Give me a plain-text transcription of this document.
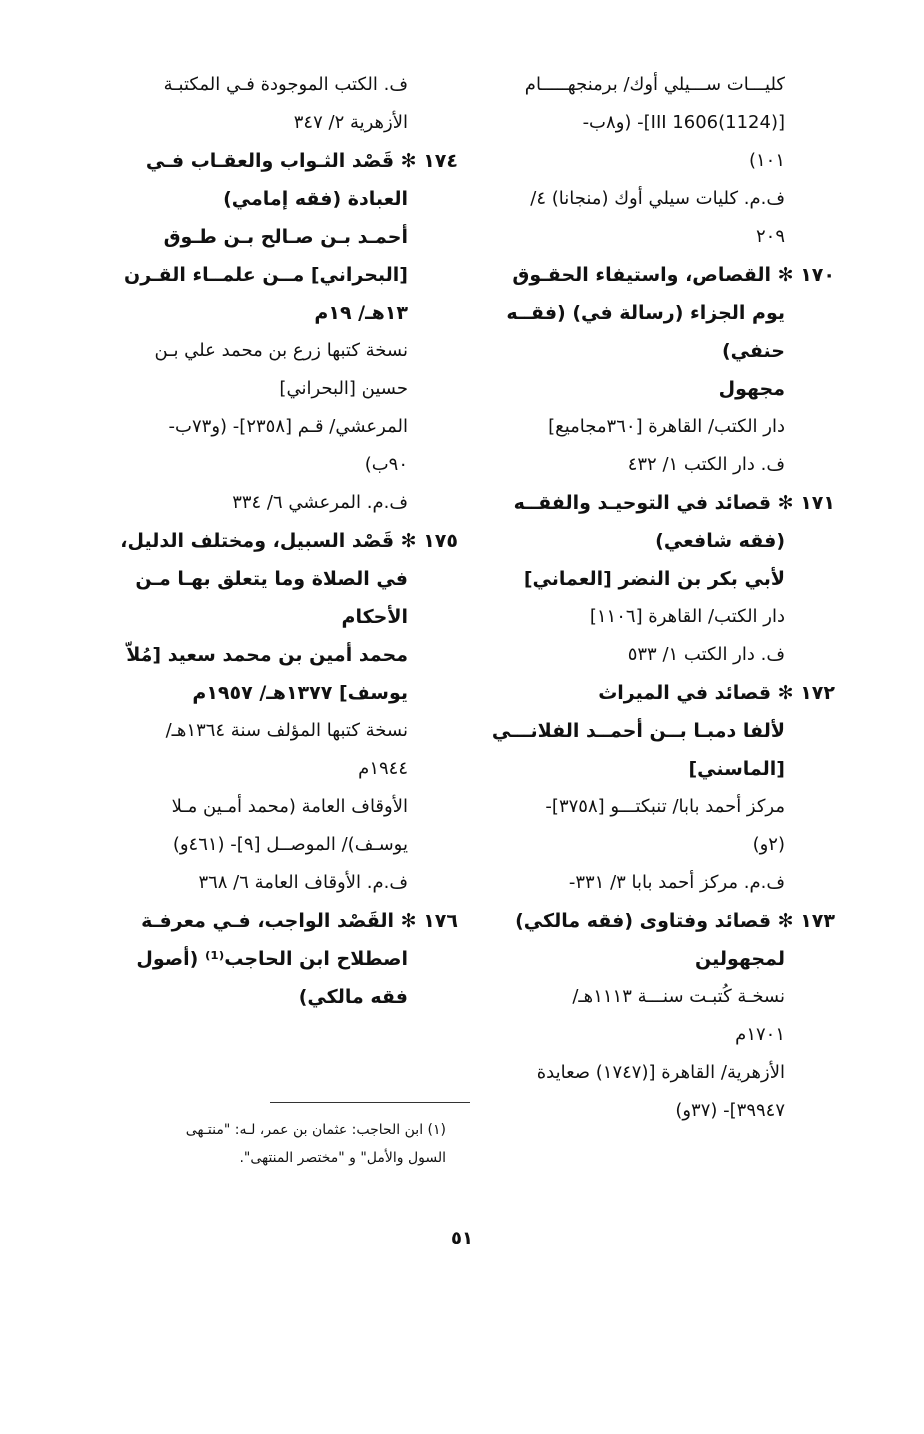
كليـــات ســـيلي أوك/ برمنجهـــــام
[III 1606(1124)]- (و٨ب-
١٠١)
ف.م. كليات سيلي أوك (منجانا) ٤/
٢٠٩
١٧٠ ✻ القصاص، واستيفاء الحقـوق
يوم الجزاء (رسالة في) (فقــه
حنفي)
مجهول
دار الكتب/ القاهرة [٣٦٠مجاميع]
ف. دار الكتب ١/ ٤٣٢
١٧١ ✻ قصائد في التوحيـد والفقــه
(فقه شافعي)
لأبي بكر بن النضر [العماني]
دار الكتب/ القاهرة [١١٠٦]
ف. دار الكتب ١/ ٥٣٣
١٧٢ ✻ قصائد في الميراث
لألفا دمبـا بــن أحمــد الفلانـــي
[الماسني]
مركز أحمد بابا/ تنبكتـــو [٣٧٥٨]-
(٢و)
ف.م. مركز أحمد بابا ٣/ ٣٣١-
١٧٣ ✻ قصائد وفتاوى (فقه مالكي)
لمجهولين
نسخـة كُتبـت سنـــة ١١١٣هـ/
١٧٠١م
الأزهرية/ القاهرة [(١٧٤٧) صعايدة
٣٩٩٤٧]- (٣٧و)
ف. الكتب الموجودة فـي المكتبـة
الأزهرية ٢/ ٣٤٧
١٧٤ ✻ قَصْد الثـواب والعقـاب فـي
العبادة (فقه إمامي)
أحمـد بـن صـالح بـن طـوق
[البحراني] مــن علمــاء القـرن
١٣هـ/ ١٩م
نسخة كتبها زرع بن محمد علي بـن
حسين [البحراني]
المرعشي/ قـم [٢٣٥٨]- (و٧٣ب-
٩٠ب)
ف.م. المرعشي ٦/ ٣٣٤
١٧٥ ✻ قَصْد السبيل، ومختلف الدليل،
في الصلاة وما يتعلق بهـا مـن
الأحكام
محمد أمين بن محمد سعيد [مُلاّ
يوسف] ١٣٧٧هـ/ ١٩٥٧م
نسخة كتبها المؤلف سنة ١٣٦٤هـ/
١٩٤٤م
الأوقاف العامة (محمد أمـين مـلا
يوسـف)/ الموصــل [٩]- (٤٦١و)
ف.م. الأوقاف العامة ٦/ ٣٦٨
١٧٦ ✻ القَصْد الواجب، فـي معرفـة
اصطلاح ابن الحاجب⁽¹⁾ (أصول
فقه مالكي)
(١) ابن الحاجب: عثمان بن عمر، لـه: "منتـهى
السول والأمل" و "مختصر المنتهى".
٥١
